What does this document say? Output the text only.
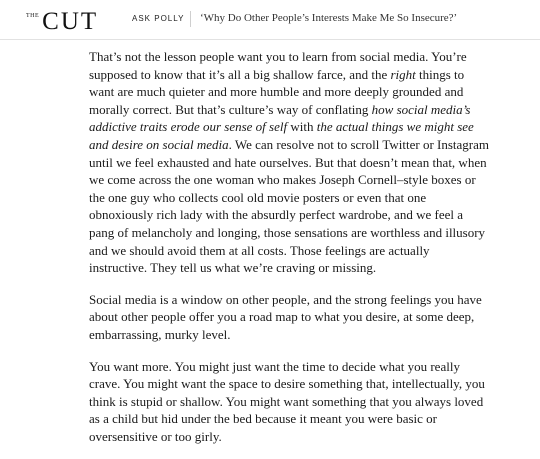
THE CUT	ASK POLLY ‘Why Do Other People’s Interests Make Me So Insecure?’

That’s not the lesson people want you to learn from social media. You’re supposed to know that it’s all a big shallow farce, and the right things to want are much quieter and more humble and more deeply grounded and morally correct. But that’s culture’s way of conflating how social media’s addictive traits erode our sense of self with the actual things we might see and desire on social media. We can resolve not to scroll Twitter or Instagram until we feel exhausted and hate ourselves. But that doesn’t mean that, when we come across the one woman who makes Joseph Cornell–style boxes or the one guy who collects cool old movie posters or even that one obnoxiously rich lady with the absurdly perfect wardrobe, and we feel a pang of melancholy and longing, those sensations are worthless and illusory and we should avoid them at all costs. Those feelings are actually instructive. They tell us what we’re craving or missing.

Social media is a window on other people, and the strong feelings you have about other people offer you a road map to what you desire, at some deep, embarrassing, murky level.

You want more. You might just want the time to decide what you really crave. You might want the space to desire something that, intellectually, you think is stupid or shallow. You might want something that you always loved as a child but hid under the bed because it meant you were basic or oversensitive or too girly.
